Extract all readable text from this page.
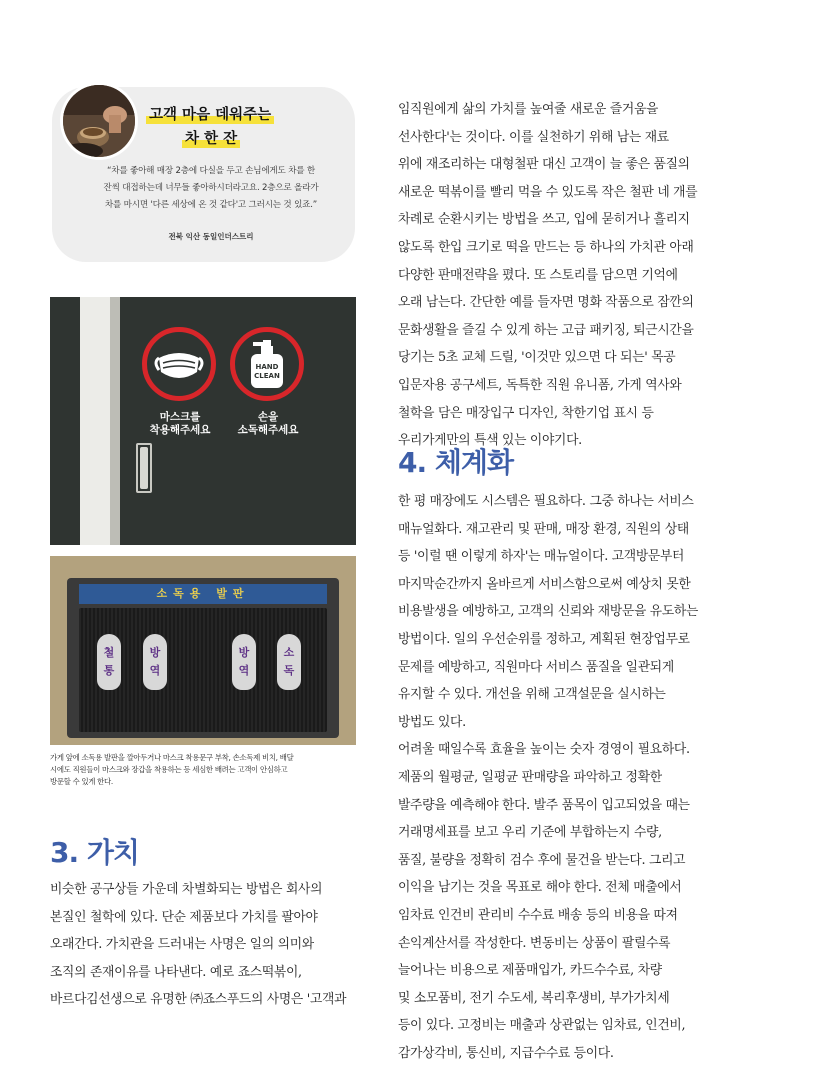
고객 마음 데워주는
차 한 잔
“차를 좋아해 매장 2층에 다실을 두고 손님에게도 차를 한
잔씩 대접하는데 너무들 좋아하시더라고요. 2층으로 올라가
차를 마시면 '다른 세상에 온 것 같다'고 그러시는 것 있죠.”
전북 익산 동일인더스트리
HAND
CLEAN
마스크를
착용해주세요
손을
소독해주세요
소독용 발판
철
통
방
역
방
역
소
독
가게 앞에 소독용 발판을 깔아두거나 마스크 착용문구 부착, 손소독제 비치, 배달
시에도 직원들이 마스크와 장갑을 착용하는 등 세심한 배려는 고객이 안심하고
방문할 수 있게 한다.
3. 가치
비슷한 공구상들 가운데 차별화되는 방법은 회사의
본질인 철학에 있다. 단순 제품보다 가치를 팔아야
오래간다. 가치관을 드러내는 사명은 일의 의미와
조직의 존재이유를 나타낸다. 예로 죠스떡볶이,
바르다김선생으로 유명한 ㈜죠스푸드의 사명은 '고객과
임직원에게 삶의 가치를 높여줄 새로운 즐거움을
선사한다'는 것이다. 이를 실천하기 위해 남는 재료
위에 재조리하는 대형철판 대신 고객이 늘 좋은 품질의
새로운 떡볶이를 빨리 먹을 수 있도록 작은 철판 네 개를
차례로 순환시키는 방법을 쓰고, 입에 묻히거나 흘리지
않도록 한입 크기로 떡을 만드는 등 하나의 가치관 아래
다양한 판매전략을 폈다. 또 스토리를 담으면 기억에
오래 남는다. 간단한 예를 들자면 명화 작품으로 잠깐의
문화생활을 즐길 수 있게 하는 고급 패키징, 퇴근시간을
당기는 5초 교체 드릴, '이것만 있으면 다 되는' 목공
입문자용 공구세트, 독특한 직원 유니폼, 가게 역사와
철학을 담은 매장입구 디자인, 착한기업 표시 등
우리가게만의 특색 있는 이야기다.
4. 체계화
한 평 매장에도 시스템은 필요하다. 그중 하나는 서비스
매뉴얼화다. 재고관리 및 판매, 매장 환경, 직원의 상태
등 '이럴 땐 이렇게 하자'는 매뉴얼이다. 고객방문부터
마지막순간까지 올바르게 서비스함으로써 예상치 못한
비용발생을 예방하고, 고객의 신뢰와 재방문을 유도하는
방법이다. 일의 우선순위를 정하고, 계획된 현장업무로
문제를 예방하고, 직원마다 서비스 품질을 일관되게
유지할 수 있다. 개선을 위해 고객설문을 실시하는
방법도 있다.
어려울 때일수록 효율을 높이는 숫자 경영이 필요하다.
제품의 월평균, 일평균 판매량을 파악하고 정확한
발주량을 예측해야 한다. 발주 품목이 입고되었을 때는
거래명세표를 보고 우리 기준에 부합하는지 수량,
품질, 불량을 정확히 검수 후에 물건을 받는다. 그리고
이익을 남기는 것을 목표로 해야 한다. 전체 매출에서
임차료 인건비 관리비 수수료 배송 등의 비용을 따져
손익계산서를 작성한다. 변동비는 상품이 팔릴수록
늘어나는 비용으로 제품매입가, 카드수수료, 차량
및 소모품비, 전기 수도세, 복리후생비, 부가가치세
등이 있다. 고정비는 매출과 상관없는 임차료, 인건비,
감가상각비, 통신비, 지급수수료 등이다.
